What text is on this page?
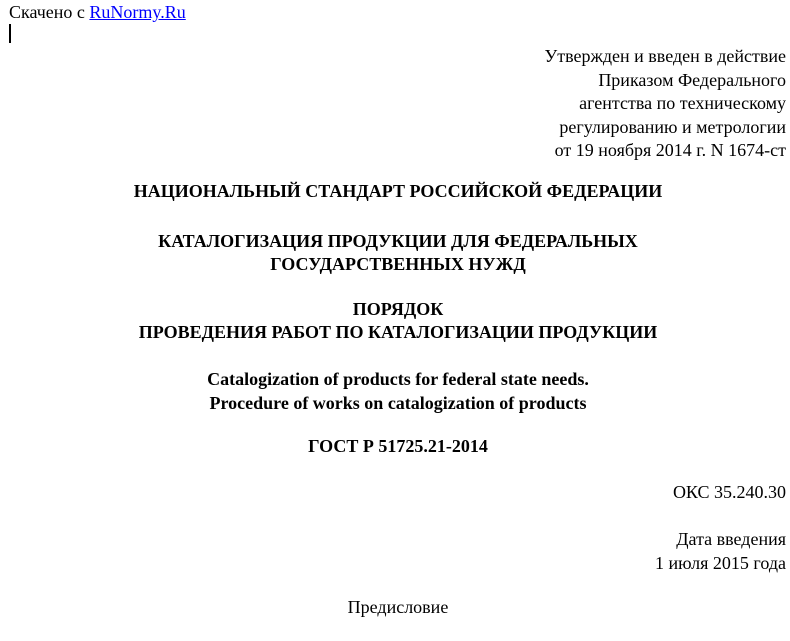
Скачено с RuNormy.Ru
Утвержден и введен в действие
Приказом Федерального
агентства по техническому
регулированию и метрологии
от 19 ноября 2014 г. N 1674-ст
НАЦИОНАЛЬНЫЙ СТАНДАРТ РОССИЙСКОЙ ФЕДЕРАЦИИ
КАТАЛОГИЗАЦИЯ ПРОДУКЦИИ ДЛЯ ФЕДЕРАЛЬНЫХ
ГОСУДАРСТВЕННЫХ НУЖД
ПОРЯДОК
ПРОВЕДЕНИЯ РАБОТ ПО КАТАЛОГИЗАЦИИ ПРОДУКЦИИ
Catalogization of products for federal state needs.
Procedure of works on catalogization of products
ГОСТ Р 51725.21-2014
ОКС 35.240.30
Дата введения
1 июля 2015 года
Предисловие
